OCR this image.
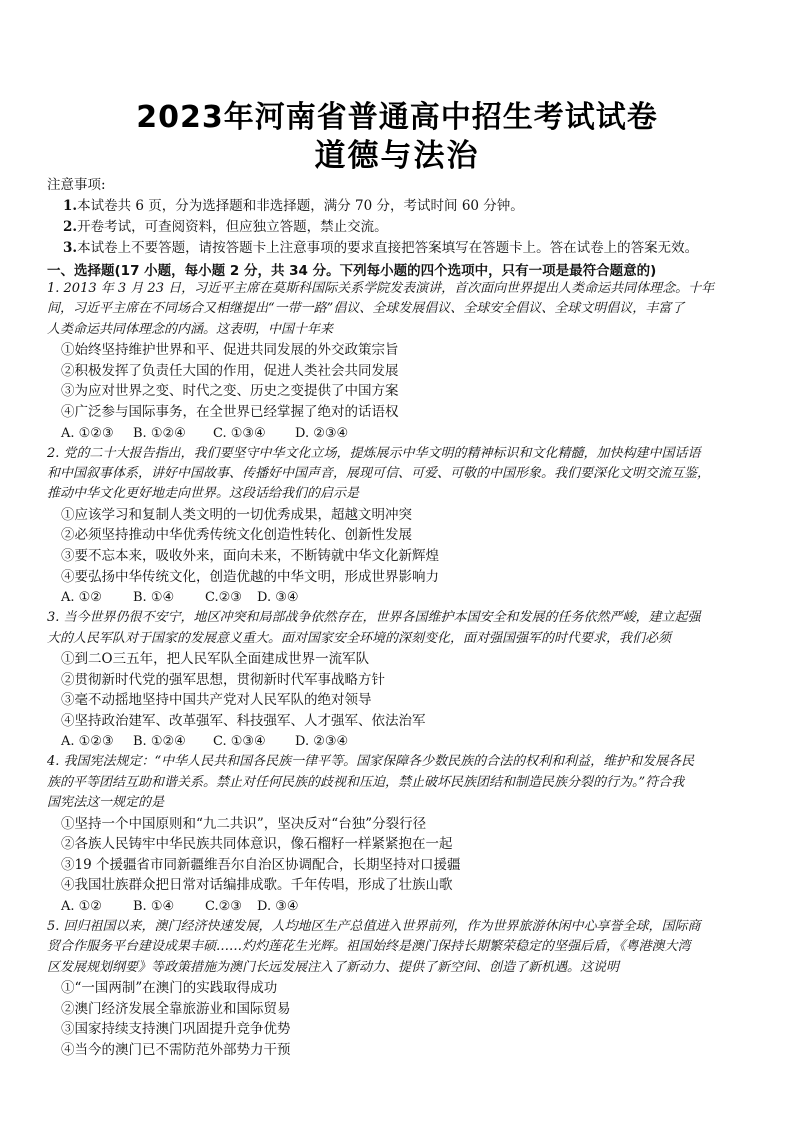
2023年河南省普通高中招生考试试卷
道德与法治

注意事项:

1.本试卷共 6 页，分为选择题和非选择题，满分 70 分，考试时间 60 分钟。

2.开卷考试，可查阅资料，但应独立答题，禁止交流。

3.本试卷上不要答题，请按答题卡上注意事项的要求直接把答案填写在答题卡上。答在试卷上的答案无效。

一、选择题(17 小题，每小题 2 分，共 34 分。下列每小题的四个选项中，只有一项是最符合题意的)

1. 2013 年 3 月 23 日，习近平主席在莫斯科国际关系学院发表演讲，首次面向世界提出人类命运共同体理念。十年

间，习近平主席在不同场合又相继提出“一带一路”倡议、全球发展倡议、全球安全倡议、全球文明倡议，丰富了

人类命运共同体理念的内涵。这表明，中国十年来

①始终坚持维护世界和平、促进共同发展的外交政策宗旨

②积极发挥了负责任大国的作用，促进人类社会共同发展

③为应对世界之变、时代之变、历史之变提供了中国方案

④广泛参与国际事务，在全世界已经掌握了绝对的话语权

A. ①②③ B. ①②④ C. ①③④ D. ②③④

2. 党的二十大报告指出，我们要坚守中华文化立场，提炼展示中华文明的精神标识和文化精髓，加快构建中国话语

和中国叙事体系，讲好中国故事、传播好中国声音，展现可信、可爱、可敬的中国形象。我们要深化文明交流互鉴，

推动中华文化更好地走向世界。这段话给我们的启示是

①应该学习和复制人类文明的一切优秀成果，超越文明冲突

②必须坚持推动中华优秀传统文化创造性转化、创新性发展

③要不忘本来，吸收外来，面向未来，不断铸就中华文化新辉煌

④要弘扬中华传统文化，创造优越的中华文明，形成世界影响力

A. ①② B. ①④ C.②③ D. ③④

3. 当今世界仍很不安宁，地区冲突和局部战争依然存在，世界各国维护本国安全和发展的任务依然严峻，建立起强

大的人民军队对于国家的发展意义重大。面对国家安全环境的深刻变化，面对强国强军的时代要求，我们必须

①到二O三五年，把人民军队全面建成世界一流军队

②贯彻新时代党的强军思想，贯彻新时代军事战略方针

③毫不动摇地坚持中国共产党对人民军队的绝对领导

④坚持政治建军、改革强军、科技强军、人才强军、依法治军

A. ①②③ B. ①②④ C. ①③④ D. ②③④

4. 我国宪法规定：“中华人民共和国各民族一律平等。国家保障各少数民族的合法的权利和利益，维护和发展各民

族的平等团结互助和谐关系。禁止对任何民族的歧视和压迫，禁止破坏民族团结和制造民族分裂的行为。”符合我

国宪法这一规定的是

①坚持一个中国原则和“九二共识”，坚决反对“台独”分裂行径

②各族人民铸牢中华民族共同体意识，像石榴籽一样紧紧抱在一起

③19 个援疆省市同新疆维吾尔自治区协调配合，长期坚持对口援疆

④我国壮族群众把日常对话编排成歌。千年传唱，形成了壮族山歌

A. ①② B. ①④ C.②③ D. ③④

5. 回归祖国以来，澳门经济快速发展，人均地区生产总值进入世界前列，作为世界旅游休闲中心享誉全球，国际商

贸合作服务平台建设成果丰硕……灼灼莲花生光辉。祖国始终是澳门保持长期繁荣稳定的坚强后盾，《粤港澳大湾

区发展规划纲要》等政策措施为澳门长远发展注入了新动力、提供了新空间、创造了新机遇。这说明

①“一国两制”在澳门的实践取得成功

②澳门经济发展全靠旅游业和国际贸易

③国家持续支持澳门巩固提升竞争优势

④当今的澳门已不需防范外部势力干预
